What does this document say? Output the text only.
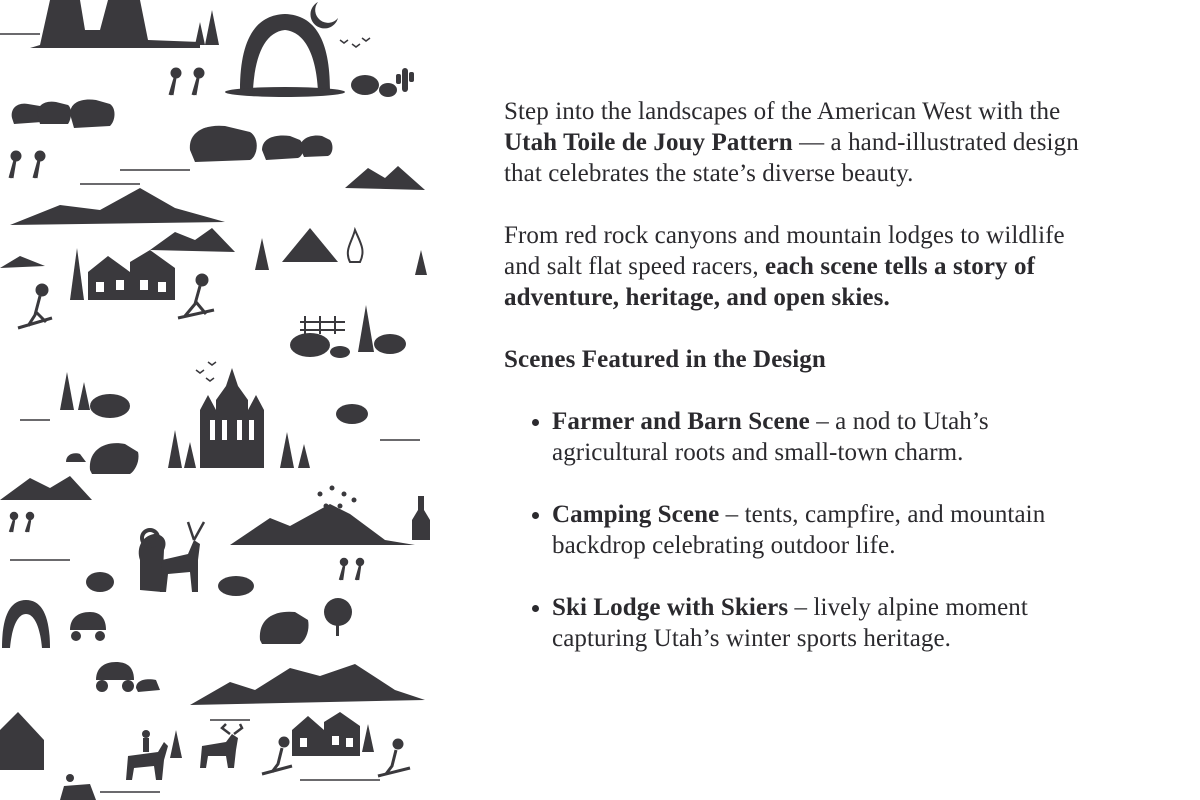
Step into the landscapes of the American West with the Utah Toile de Jouy Pattern — a hand-illustrated design that celebrates the state’s diverse beauty.

From red rock canyons and mountain lodges to wildlife and salt flat speed racers, each scene tells a story of adventure, heritage, and open skies.

Scenes Featured in the Design

Farmer and Barn Scene – a nod to Utah’s agricultural roots and small-town charm.
Camping Scene – tents, campfire, and mountain backdrop celebrating outdoor life.
Ski Lodge with Skiers – lively alpine moment capturing Utah’s winter sports heritage.
